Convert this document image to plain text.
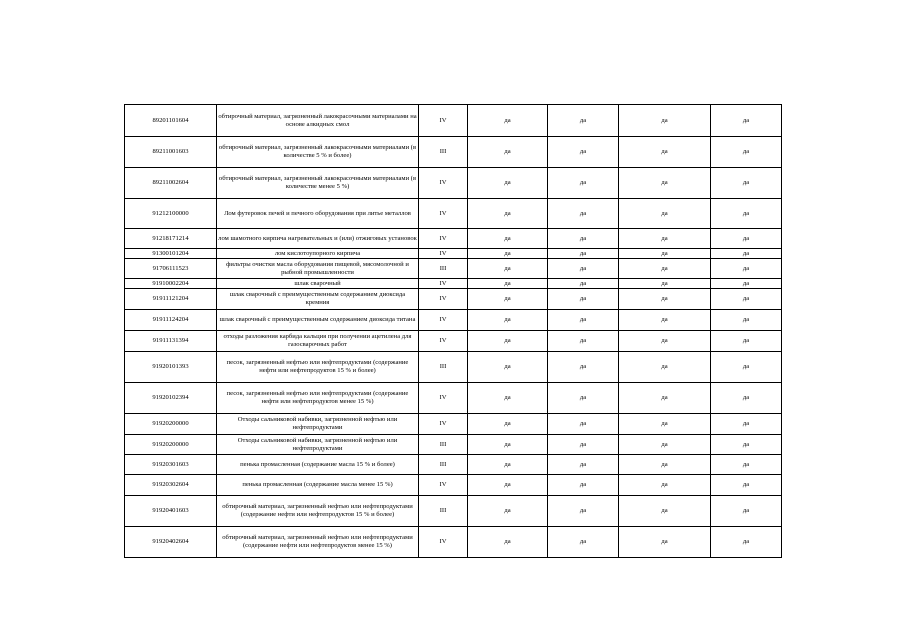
89201101604	обтирочный материал, загрязненный лакокрасочными материалами на основе алкидных смол	IV	да	да	да	да
89211001603	обтирочный материал, загрязненный лакокрасочными материалами (в количестве 5 % и более)	III	да	да	да	да
89211002604	обтирочный материал, загрязненный лакокрасочными материалами (в количестве менее 5 %)	IV	да	да	да	да
91212100000	Лом футеровок печей и печного оборудования при литье металлов	IV	да	да	да	да
91218171214	лом шамотного кирпича нагревательных и (или) отжиговых установок	IV	да	да	да	да
91300101204	лом кислотоупорного кирпича	IV	да	да	да	да
91706111523	фильтры очистки масла оборудования пищевой, мясомолочной и рыбной промышленности	III	да	да	да	да
91910002204	шлак сварочный	IV	да	да	да	да
91911121204	шлак сварочный с преимущественным содержанием диоксида кремния	IV	да	да	да	да
91911124204	шлак сварочный с преимущественным содержанием диоксида титана	IV	да	да	да	да
91911131394	отходы разложения карбида кальция при получении ацетилена для газосварочных работ	IV	да	да	да	да
91920101393	песок, загрязненный нефтью или нефтепродуктами (содержание нефти или нефтепродуктов 15 % и более)	III	да	да	да	да
91920102394	песок, загрязненный нефтью или нефтепродуктами (содержание нефти или нефтепродуктов менее 15 %)	IV	да	да	да	да
91920200000	Отходы сальниковой набивки, загрязненной нефтью или нефтепродуктами	IV	да	да	да	да
91920200000	Отходы сальниковой набивки, загрязненной нефтью или нефтепродуктами	III	да	да	да	да
91920301603	пенька промасленная (содержание масла 15 % и более)	III	да	да	да	да
91920302604	пенька промасленная (содержание масла менее 15 %)	IV	да	да	да	да
91920401603	обтирочный материал, загрязненный нефтью или нефтепродуктами (содержание нефти или нефтепродуктов 15 % и более)	III	да	да	да	да
91920402604	обтирочный материал, загрязненный нефтью или нефтепродуктами (содержание нефти или нефтепродуктов менее 15 %)	IV	да	да	да	да
